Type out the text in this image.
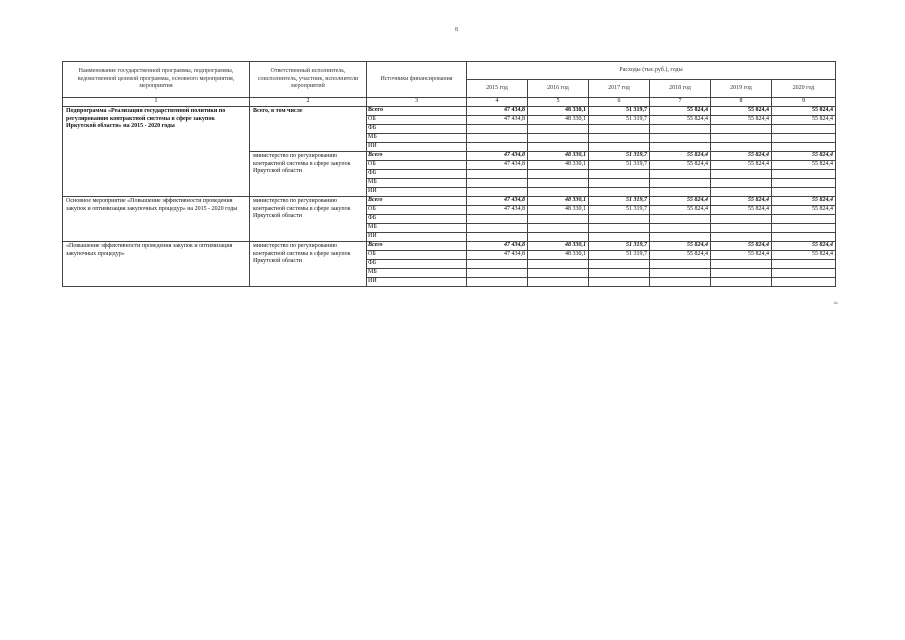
8
Наименование государственной программы, подпрограммы, ведомственной целевой программы, основного мероприятия, мероприятия	Ответственный исполнитель, соисполнитель, участник, исполнители мероприятий	Источники финансирования	Расходы (тыс.руб.), годы					
			2015 год	2016 год	2017 год	2018 год	2019 год	2020 год
1	2	3	4	5	6	7	8	9
Подпрограмма «Реализация государственной политики по регулированию контрактной системы в сфере закупок Иркутской области» на 2015 - 2020 годы	Всего, в том числе	Всего	47 434,8	48 330,1	51 319,7	55 824,4	55 824,4	55 824,4
		ОБ	47 434,8	48 330,1	51 319,7	55 824,4	55 824,4	55 824,4
		ФБ						
		МБ						
		ИИ						
	министерство по регулированию контрактной системы в сфере закупок Иркутской области	Всего	47 434,8	48 330,1	51 319,7	55 824,4	55 824,4	55 824,4
		ОБ	47 434,8	48 330,1	51 319,7	55 824,4	55 824,4	55 824,4
		ФБ						
		МБ						
		ИИ						
Основное мероприятие «Повышение эффективности проведения закупок и оптимизация закупочных процедур» на 2015 - 2020 годы	министерство по регулированию контрактной системы в сфере закупок Иркутской области	Всего	47 434,8	48 330,1	51 319,7	55 824,4	55 824,4	55 824,4
		ОБ	47 434,8	48 330,1	51 319,7	55 824,4	55 824,4	55 824,4
		ФБ						
		МБ						
		ИИ						
«Повышение эффективности проведения закупок и оптимизация закупочных процедур»	министерство по регулированию контрактной системы в сфере закупок Иркутской области	Всего	47 434,8	48 330,1	51 319,7	55 824,4	55 824,4	55 824,4
		ОБ	47 434,8	48 330,1	51 319,7	55 824,4	55 824,4	55 824,4
		ФБ						
		МБ						
		ИИ						
».
